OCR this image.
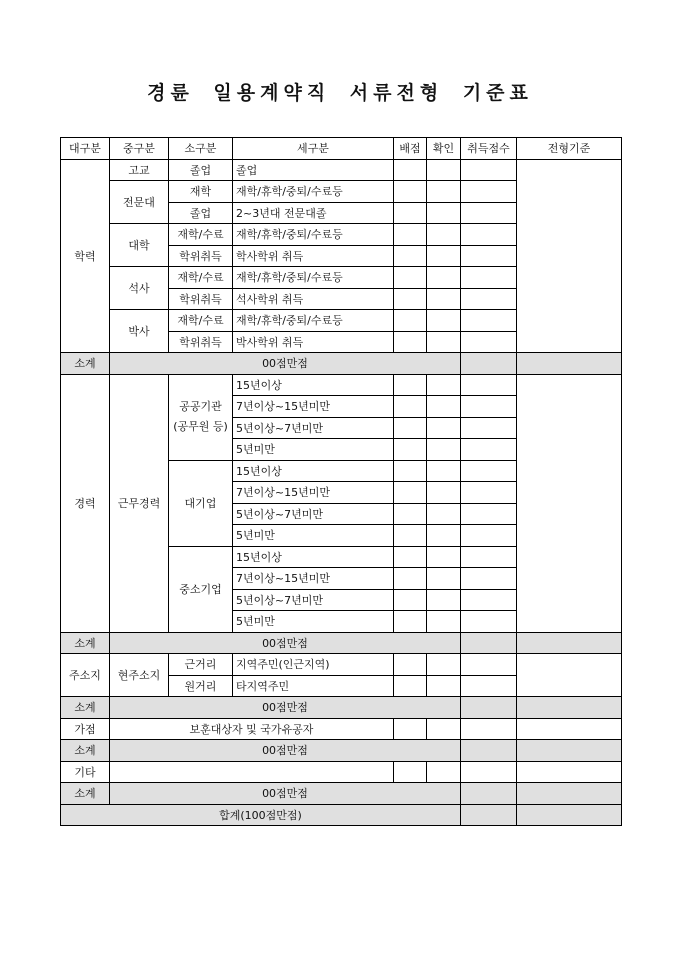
경륜 일용계약직 서류전형 기준표
대구분	중구분	소구분	세구분	배점	확인	취득점수	전형기준
학력	고교	졸업	졸업				
	전문대	재학	재학/휴학/중퇴/수료등				
		졸업	2~3년대 전문대졸				
	대학	재학/수료	재학/휴학/중퇴/수료등				
		학위취득	학사학위 취득				
	석사	재학/수료	재학/휴학/중퇴/수료등				
		학위취득	석사학위 취득				
	박사	재학/수료	재학/휴학/중퇴/수료등				
		학위취득	박사학위 취득				
소계	00점만점						
경력	근무경력	공공기관 (공무원 등)	15년이상				
			7년이상~15년미만				
			5년이상~7년미만				
			5년미만				
		대기업	15년이상				
			7년이상~15년미만				
			5년이상~7년미만				
			5년미만				
		중소기업	15년이상				
			7년이상~15년미만				
			5년이상~7년미만				
			5년미만				
소계	00점만점						
주소지	현주소지	근거리	지역주민(인근지역)				
		원거리	타지역주민				
소계	00점만점						
가점	보훈대상자 및 국가유공자						
소계	00점만점						
기타							
소계	00점만점						
합계(100점만점)							
